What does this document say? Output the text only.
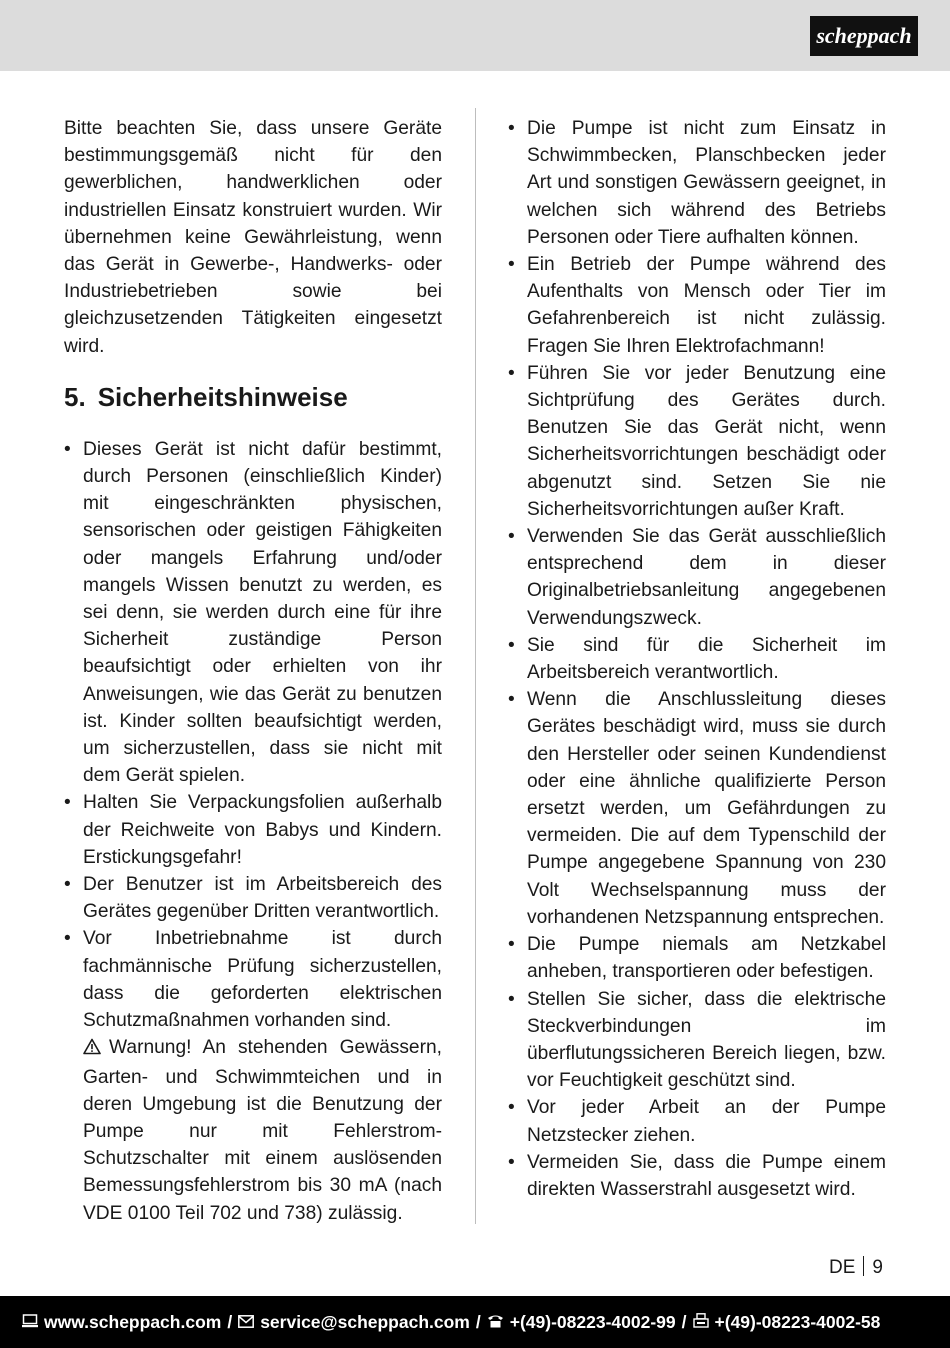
scheppach

Bitte beachten Sie, dass unsere Geräte bestimmungsgemäß nicht für den gewerblichen, handwerklichen oder industriellen Einsatz konstruiert wurden. Wir übernehmen keine Gewährleistung, wenn das Gerät in Gewerbe-, Handwerks- oder Industriebetrieben sowie bei gleichzusetzenden Tätigkeiten eingesetzt wird.

5. Sicherheitshinweise
• Dieses Gerät ist nicht dafür bestimmt, durch Personen (einschließlich Kinder) mit eingeschränkten physischen, sensorischen oder geistigen Fähigkeiten oder mangels Erfahrung und/oder mangels Wissen benutzt zu werden, es sei denn, sie werden durch eine für ihre Sicherheit zuständige Person beaufsichtigt oder erhielten von ihr Anweisungen, wie das Gerät zu benutzen ist. Kinder sollten beaufsichtigt werden, um sicherzustellen, dass sie nicht mit dem Gerät spielen.
• Halten Sie Verpackungsfolien außerhalb der Reichweite von Babys und Kindern. Erstickungsgefahr!
• Der Benutzer ist im Arbeitsbereich des Gerätes gegenüber Dritten verantwortlich.
• Vor Inbetriebnahme ist durch fachmännische Prüfung sicherzustellen, dass die geforderten elektrischen Schutzmaßnahmen vorhanden sind.
Warnung! An stehenden Gewässern, Garten- und Schwimmteichen und in deren Umgebung ist die Benutzung der Pumpe nur mit Fehlerstrom-Schutzschalter mit einem auslösenden Bemessungsfehlerstrom bis 30 mA (nach VDE 0100 Teil 702 und 738) zulässig.
• Die Pumpe ist nicht zum Einsatz in Schwimmbecken, Planschbecken jeder Art und sonstigen Gewässern geeignet, in welchen sich während des Betriebs Personen oder Tiere aufhalten können.
• Ein Betrieb der Pumpe während des Aufenthalts von Mensch oder Tier im Gefahrenbereich ist nicht zulässig. Fragen Sie Ihren Elektrofachmann!
• Führen Sie vor jeder Benutzung eine Sichtprüfung des Gerätes durch. Benutzen Sie das Gerät nicht, wenn Sicherheitsvorrichtungen beschädigt oder abgenutzt sind. Setzen Sie nie Sicherheitsvorrichtungen außer Kraft.
• Verwenden Sie das Gerät ausschließlich entsprechend dem in dieser Originalbetriebsanleitung angegebenen Verwendungszweck.
• Sie sind für die Sicherheit im Arbeitsbereich verantwortlich.
• Wenn die Anschlussleitung dieses Gerätes beschädigt wird, muss sie durch den Hersteller oder seinen Kundendienst oder eine ähnliche qualifizierte Person ersetzt werden, um Gefährdungen zu vermeiden. Die auf dem Typenschild der Pumpe angegebene Spannung von 230 Volt Wechselspannung muss der vorhandenen Netzspannung entsprechen.
• Die Pumpe niemals am Netzkabel anheben, transportieren oder befestigen.
• Stellen Sie sicher, dass die elektrische Steckverbindungen im überflutungssicheren Bereich liegen, bzw. vor Feuchtigkeit geschützt sind.
• Vor jeder Arbeit an der Pumpe Netzstecker ziehen.
• Vermeiden Sie, dass die Pumpe einem direkten Wasserstrahl ausgesetzt wird.
DE 9
www.scheppach.com / service@scheppach.com / +(49)-08223-4002-99 / +(49)-08223-4002-58
